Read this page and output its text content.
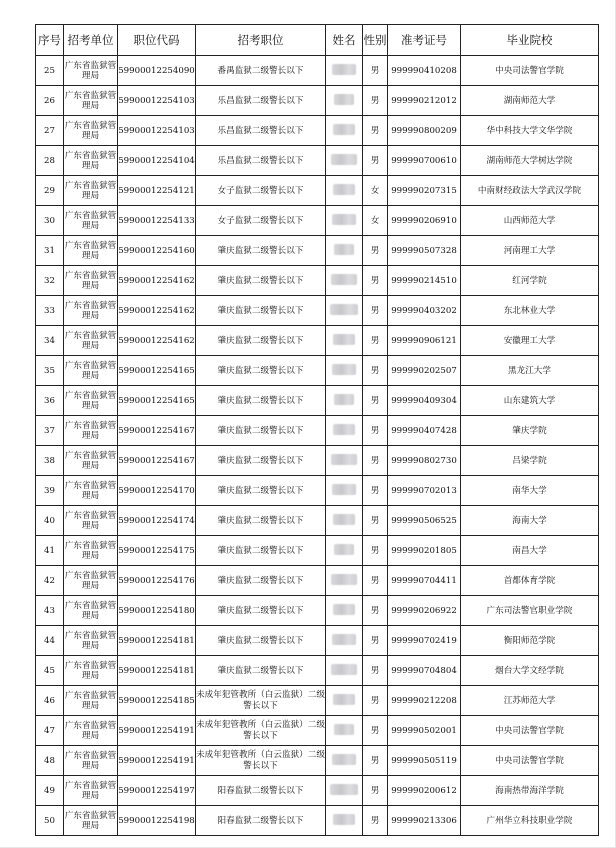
序号	招考单位	职位代码	招考职位	姓名	性别	准考证号	毕业院校
25	广东省监狱管理局	59900012254090	番禺监狱二级警长以下		男	999990410208	中央司法警官学院
26	广东省监狱管理局	59900012254103	乐昌监狱二级警长以下		男	999990212012	湖南师范大学
27	广东省监狱管理局	59900012254103	乐昌监狱二级警长以下		男	999990800209	华中科技大学文华学院
28	广东省监狱管理局	59900012254104	乐昌监狱二级警长以下		男	999990700610	湖南师范大学树达学院
29	广东省监狱管理局	59900012254121	女子监狱二级警长以下		女	999990207315	中南财经政法大学武汉学院
30	广东省监狱管理局	59900012254133	女子监狱二级警长以下		女	999990206910	山西师范大学
31	广东省监狱管理局	59900012254160	肇庆监狱二级警长以下		男	999990507328	河南理工大学
32	广东省监狱管理局	59900012254162	肇庆监狱二级警长以下		男	999990214510	红河学院
33	广东省监狱管理局	59900012254162	肇庆监狱二级警长以下		男	999990403202	东北林业大学
34	广东省监狱管理局	59900012254162	肇庆监狱二级警长以下		男	999990906121	安徽理工大学
35	广东省监狱管理局	59900012254165	肇庆监狱二级警长以下		男	999990202507	黑龙江大学
36	广东省监狱管理局	59900012254165	肇庆监狱二级警长以下		男	999990409304	山东建筑大学
37	广东省监狱管理局	59900012254167	肇庆监狱二级警长以下		男	999990407428	肇庆学院
38	广东省监狱管理局	59900012254167	肇庆监狱二级警长以下		男	999990802730	吕梁学院
39	广东省监狱管理局	59900012254170	肇庆监狱二级警长以下		男	999990702013	南华大学
40	广东省监狱管理局	59900012254174	肇庆监狱二级警长以下		男	999990506525	海南大学
41	广东省监狱管理局	59900012254175	肇庆监狱二级警长以下		男	999990201805	南昌大学
42	广东省监狱管理局	59900012254176	肇庆监狱二级警长以下		男	999990704411	首都体育学院
43	广东省监狱管理局	59900012254180	肇庆监狱二级警长以下		男	999990206922	广东司法警官职业学院
44	广东省监狱管理局	59900012254181	肇庆监狱二级警长以下		男	999990702419	衡阳师范学院
45	广东省监狱管理局	59900012254181	肇庆监狱二级警长以下		男	999990704804	烟台大学文经学院
46	广东省监狱管理局	59900012254185	未成年犯管教所（白云监狱）二级警长以下		男	999990212208	江苏师范大学
47	广东省监狱管理局	59900012254191	未成年犯管教所（白云监狱）二级警长以下		男	999990502001	中央司法警官学院
48	广东省监狱管理局	59900012254191	未成年犯管教所（白云监狱）二级警长以下		男	999990505119	中央司法警官学院
49	广东省监狱管理局	59900012254197	阳春监狱二级警长以下		男	999990200612	海南热带海洋学院
50	广东省监狱管理局	59900012254198	阳春监狱二级警长以下		男	999990213306	广州华立科技职业学院
